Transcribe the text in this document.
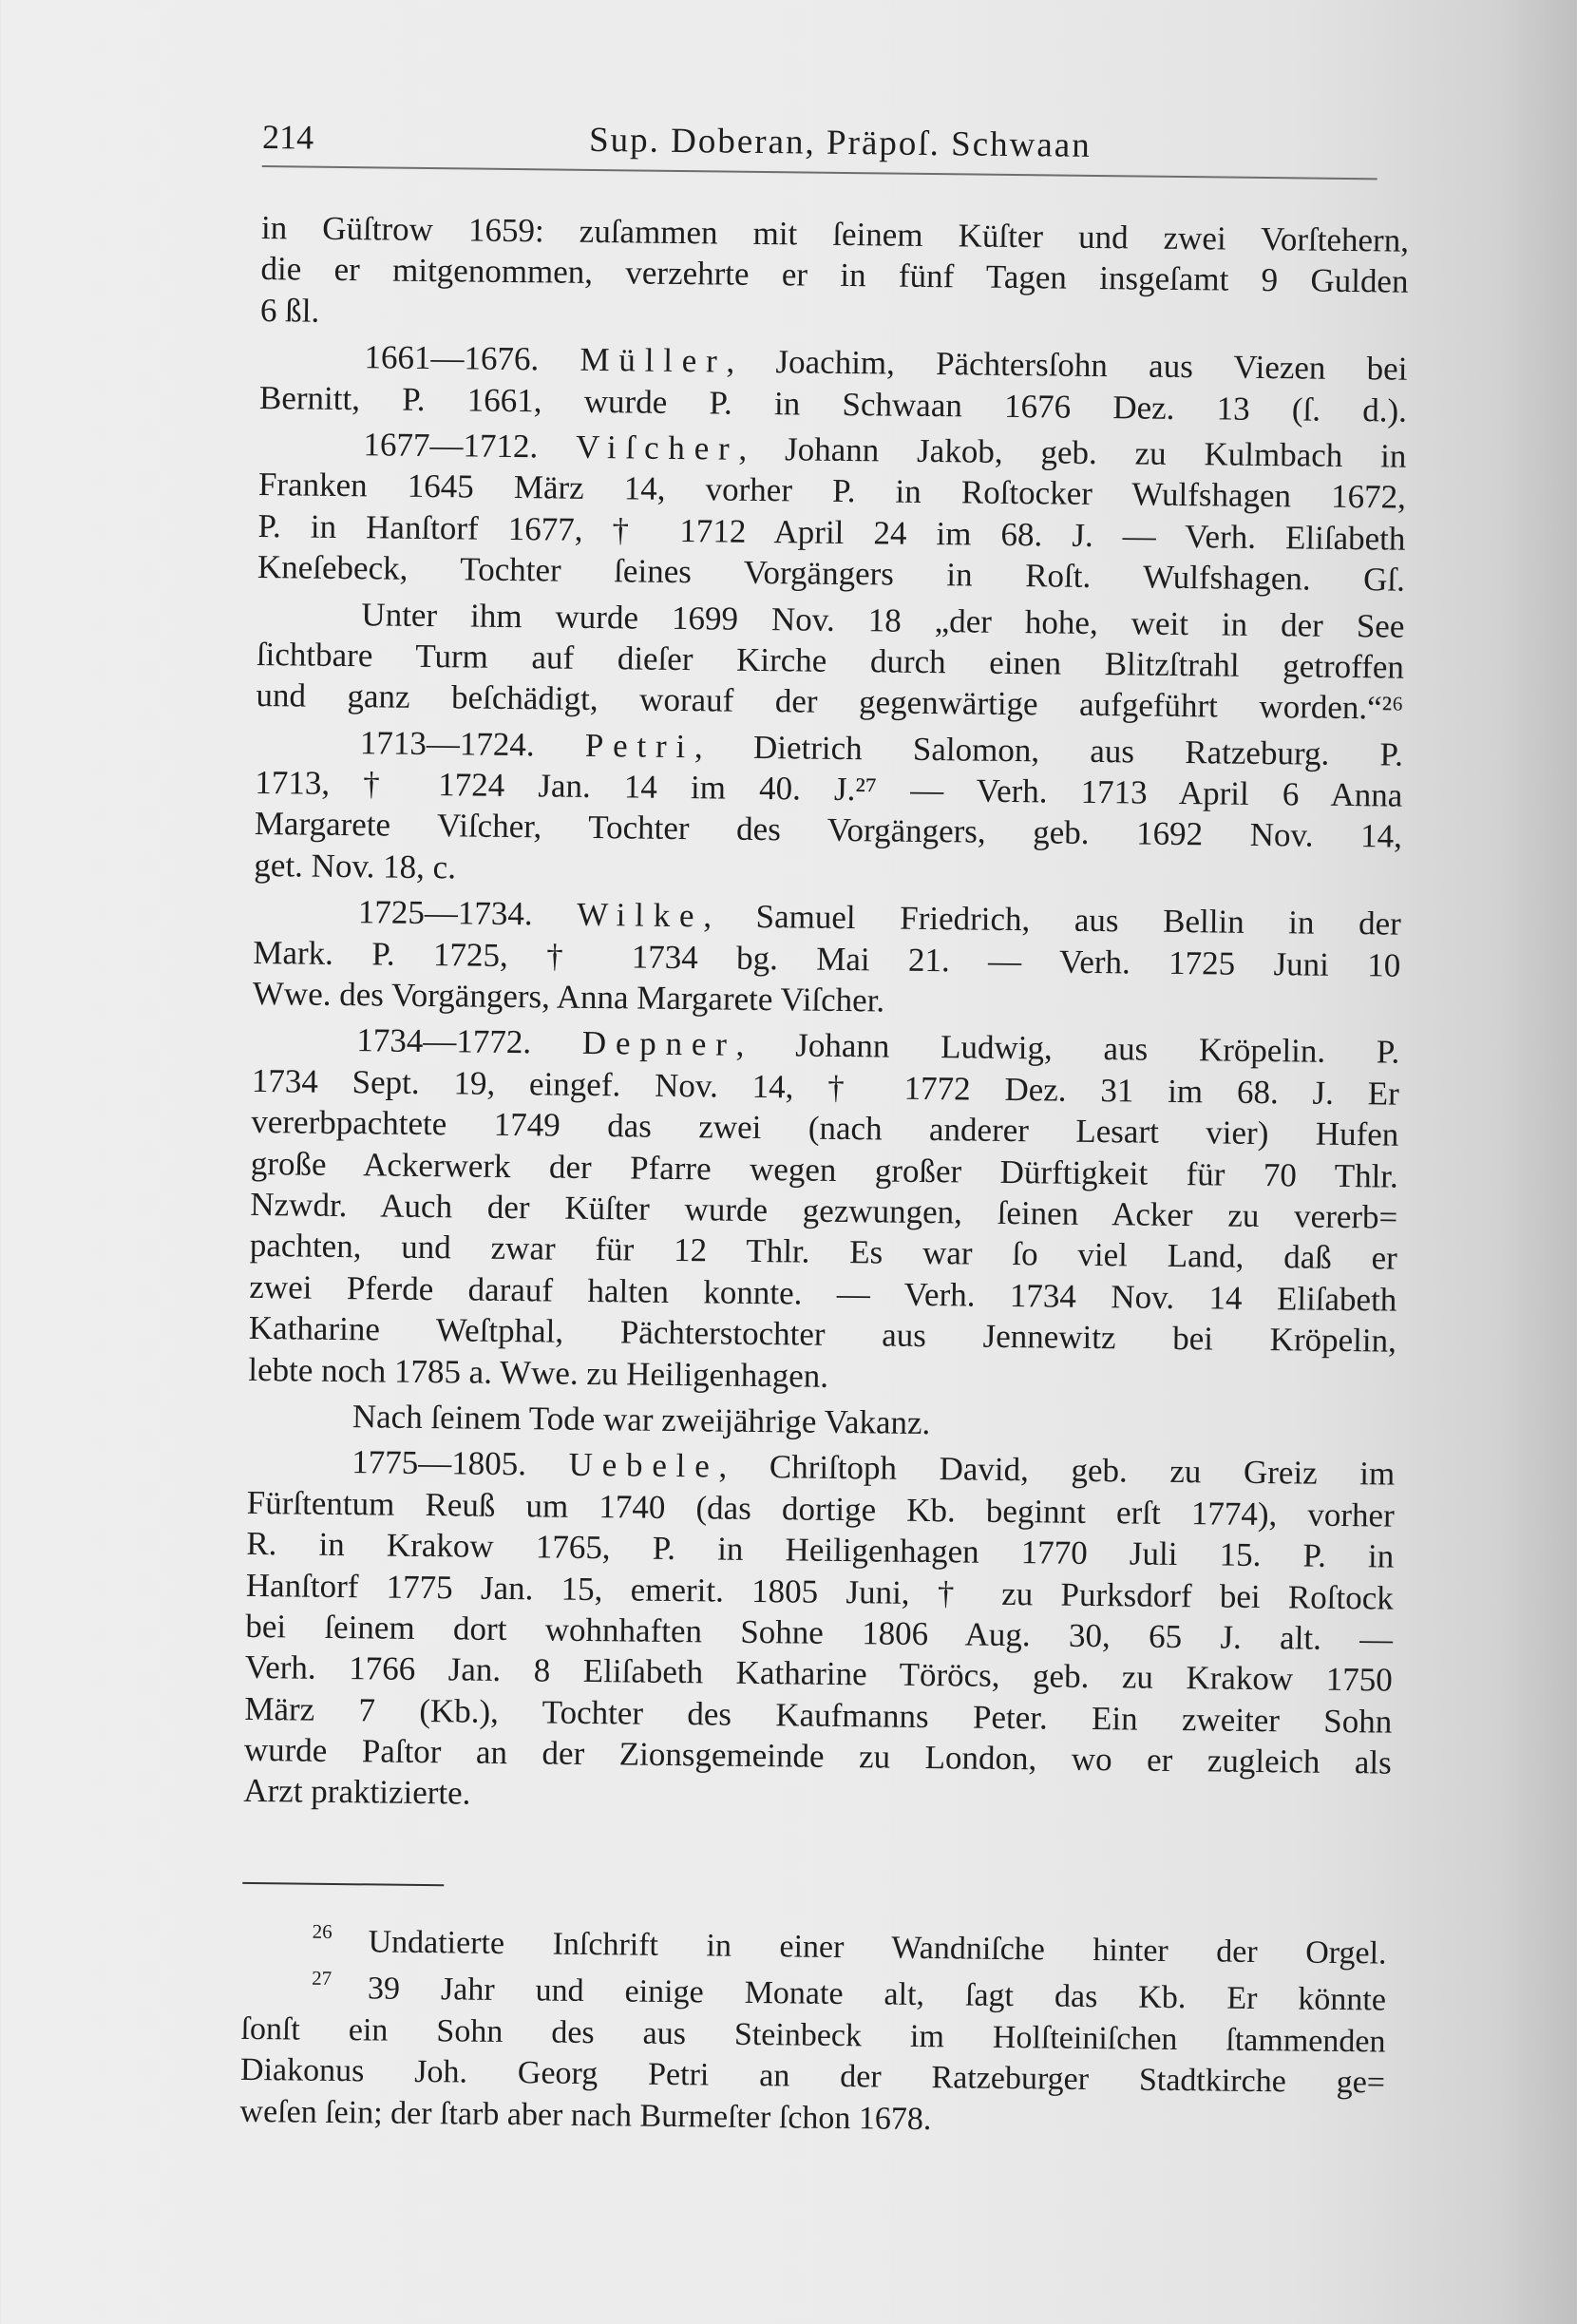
214	Sup. Doberan, Präpoſ. Schwaan
in Güſtrow 1659: zuſammen mit ſeinem Küſter und zwei Vorſtehern,
die er mitgenommen, verzehrte er in fünf Tagen insgeſamt 9 Gulden
6 ßl.
1661—1676. Müller, Joachim, Pächtersſohn aus Viezen bei
Bernitt, P. 1661, wurde P. in Schwaan 1676 Dez. 13 (ſ. d.).
1677—1712. Viſcher, Johann Jakob, geb. zu Kulmbach in
Franken 1645 März 14, vorher P. in Roſtocker Wulfshagen 1672,
P. in Hanſtorf 1677, † 1712 April 24 im 68. J. — Verh. Eliſabeth
Kneſebeck, Tochter ſeines Vorgängers in Roſt. Wulfshagen. Gſ.
Unter ihm wurde 1699 Nov. 18 „der hohe, weit in der See
ſichtbare Turm auf dieſer Kirche durch einen Blitzſtrahl getroffen
und ganz beſchädigt, worauf der gegenwärtige aufgeführt worden.“²⁶
1713—1724. Petri, Dietrich Salomon, aus Ratzeburg. P.
1713, † 1724 Jan. 14 im 40. J.²⁷ — Verh. 1713 April 6 Anna
Margarete Viſcher, Tochter des Vorgängers, geb. 1692 Nov. 14,
get. Nov. 18, c.
1725—1734. Wilke, Samuel Friedrich, aus Bellin in der
Mark. P. 1725, † 1734 bg. Mai 21. — Verh. 1725 Juni 10
Wwe. des Vorgängers, Anna Margarete Viſcher.
1734—1772. Depner, Johann Ludwig, aus Kröpelin. P.
1734 Sept. 19, eingef. Nov. 14, † 1772 Dez. 31 im 68. J. Er
vererbpachtete 1749 das zwei (nach anderer Lesart vier) Hufen
große Ackerwerk der Pfarre wegen großer Dürftigkeit für 70 Thlr.
Nzwdr. Auch der Küſter wurde gezwungen, ſeinen Acker zu vererb=
pachten, und zwar für 12 Thlr. Es war ſo viel Land, daß er
zwei Pferde darauf halten konnte. — Verh. 1734 Nov. 14 Eliſabeth
Katharine Weſtphal, Pächterstochter aus Jennewitz bei Kröpelin,
lebte noch 1785 a. Wwe. zu Heiligenhagen.
Nach ſeinem Tode war zweijährige Vakanz.
1775—1805. Uebele, Chriſtoph David, geb. zu Greiz im
Fürſtentum Reuß um 1740 (das dortige Kb. beginnt erſt 1774), vorher
R. in Krakow 1765, P. in Heiligenhagen 1770 Juli 15. P. in
Hanſtorf 1775 Jan. 15, emerit. 1805 Juni, † zu Purksdorf bei Roſtock
bei ſeinem dort wohnhaften Sohne 1806 Aug. 30, 65 J. alt. —
Verh. 1766 Jan. 8 Eliſabeth Katharine Töröcs, geb. zu Krakow 1750
März 7 (Kb.), Tochter des Kaufmanns Peter. Ein zweiter Sohn
wurde Paſtor an der Zionsgemeinde zu London, wo er zugleich als
Arzt praktizierte.
$^{26}$ Undatierte Inſchrift in einer Wandniſche hinter der Orgel.
$^{27}$ 39 Jahr und einige Monate alt, ſagt das Kb. Er könnte
ſonſt ein Sohn des aus Steinbeck im Holſteiniſchen ſtammenden
Diakonus Joh. Georg Petri an der Ratzeburger Stadtkirche ge=
weſen ſein; der ſtarb aber nach Burmeſter ſchon 1678.
